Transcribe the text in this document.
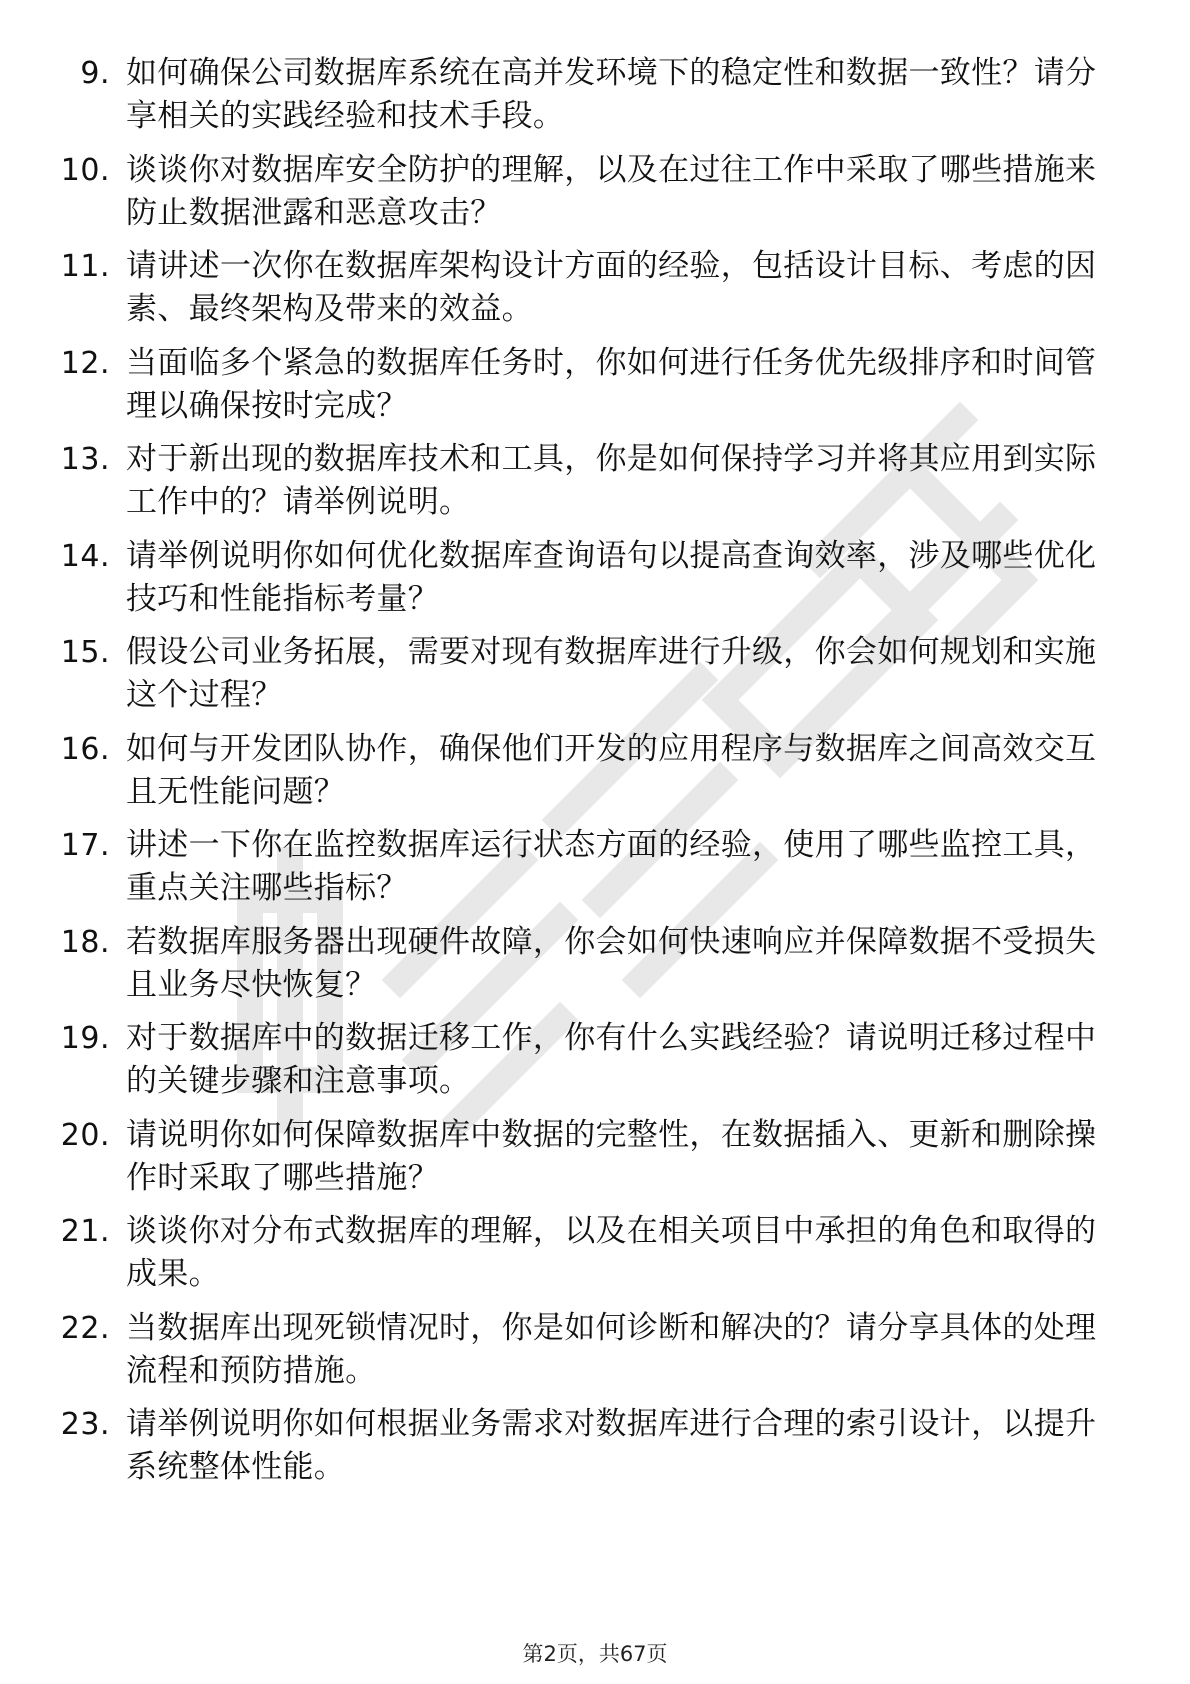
9. 如何确保公司数据库系统在高并发环境下的稳定性和数据一致性？请分享相关的实践经验和技术手段。
10. 谈谈你对数据库安全防护的理解，以及在过往工作中采取了哪些措施来防止数据泄露和恶意攻击？
11. 请讲述一次你在数据库架构设计方面的经验，包括设计目标、考虑的因素、最终架构及带来的效益。
12. 当面临多个紧急的数据库任务时，你如何进行任务优先级排序和时间管理以确保按时完成？
13. 对于新出现的数据库技术和工具，你是如何保持学习并将其应用到实际工作中的？请举例说明。
14. 请举例说明你如何优化数据库查询语句以提高查询效率，涉及哪些优化技巧和性能指标考量？
15. 假设公司业务拓展，需要对现有数据库进行升级，你会如何规划和实施这个过程？
16. 如何与开发团队协作，确保他们开发的应用程序与数据库之间高效交互且无性能问题？
17. 讲述一下你在监控数据库运行状态方面的经验，使用了哪些监控工具，重点关注哪些指标？
18. 若数据库服务器出现硬件故障，你会如何快速响应并保障数据不受损失且业务尽快恢复？
19. 对于数据库中的数据迁移工作，你有什么实践经验？请说明迁移过程中的关键步骤和注意事项。
20. 请说明你如何保障数据库中数据的完整性，在数据插入、更新和删除操作时采取了哪些措施？
21. 谈谈你对分布式数据库的理解，以及在相关项目中承担的角色和取得的成果。
22. 当数据库出现死锁情况时，你是如何诊断和解决的？请分享具体的处理流程和预防措施。
23. 请举例说明你如何根据业务需求对数据库进行合理的索引设计，以提升系统整体性能。
第2页，共67页
